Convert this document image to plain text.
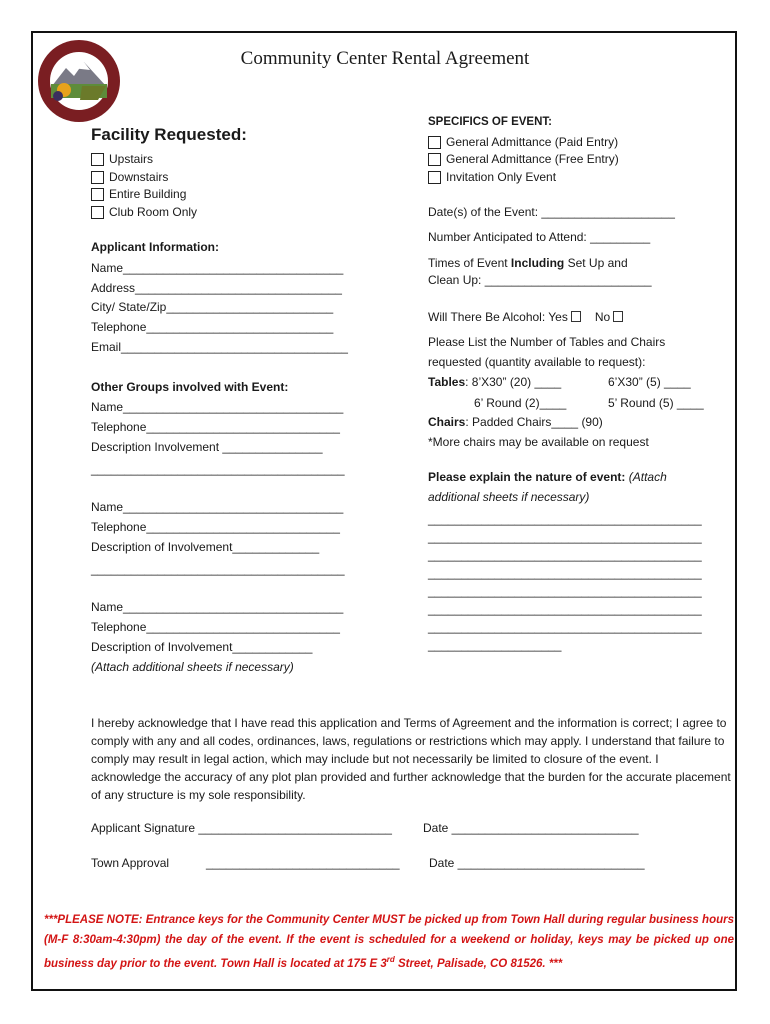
Community Center Rental Agreement
Facility Requested:
Upstairs
Downstairs
Entire Building
Club Room Only
Applicant Information:
Name_________________________________
Address_______________________________
City/ State/Zip_________________________
Telephone____________________________
Email__________________________________
Other Groups involved with Event:
Name_________________________________
Telephone_____________________________
Description Involvement _______________
______________________________________
Name_________________________________
Telephone_____________________________
Description of Involvement_____________
______________________________________
Name_________________________________
Telephone_____________________________
Description of Involvement____________
(Attach additional sheets if necessary)
SPECIFICS OF EVENT:
General Admittance (Paid Entry)
General Admittance (Free Entry)
Invitation Only Event
Date(s) of the Event: ____________________
Number Anticipated to Attend: _________
Times of Event Including Set Up and
Clean Up: _________________________
Will There Be Alcohol: Yes No
Please List the Number of Tables and Chairs
requested (quantity available to request):
Tables: 8’X30” (20) ____	6’X30” (5) ____
6’ Round (2)____	5’ Round (5) ____
Chairs: Padded Chairs____ (90)
*More chairs may be available on request
Please explain the nature of event: (Attach
additional sheets if necessary)
_________________________________________
_________________________________________
_________________________________________
_________________________________________
_________________________________________
_________________________________________
_________________________________________
____________________
I hereby acknowledge that I have read this application and Terms of Agreement and the information is correct; I agree to comply with any and all codes, ordinances, laws, regulations or restrictions which may apply. I understand that failure to comply may result in legal action, which may include but not necessarily be limited to closure of the event. I acknowledge the accuracy of any plot plan provided and further acknowledge that the burden for the accurate placement of any structure is my sole responsibility.
Applicant Signature _____________________________	Date ____________________________
Town Approval	_____________________________ Date ____________________________
***PLEASE NOTE: Entrance keys for the Community Center MUST be picked up from Town Hall during regular business hours (M-F 8:30am-4:30pm) the day of the event. If the event is scheduled for a weekend or holiday, keys may be picked up one business day prior to the event. Town Hall is located at 175 E 3rd Street, Palisade, CO 81526. ***
